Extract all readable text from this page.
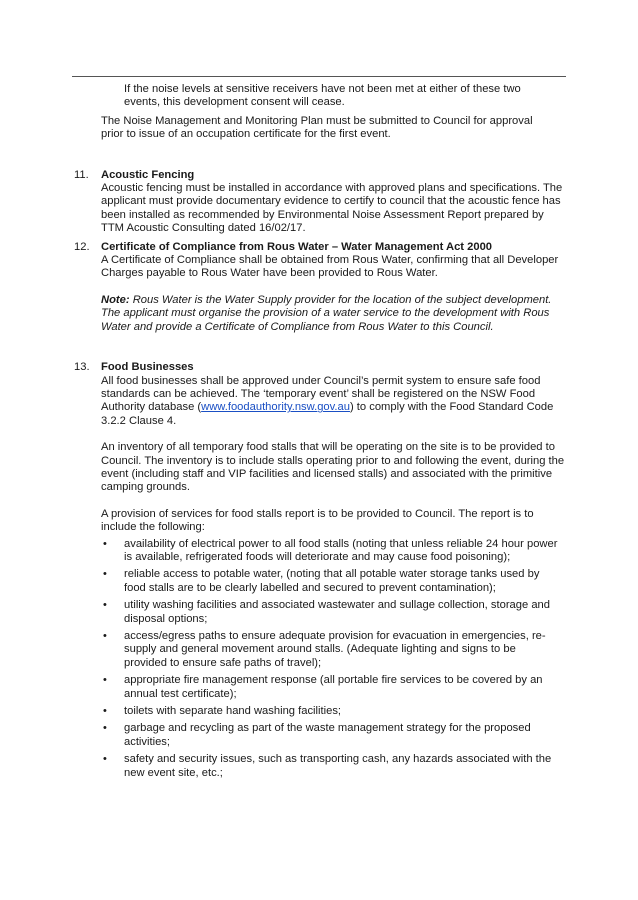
If the noise levels at sensitive receivers have not been met at either of these two events, this development consent will cease.

The Noise Management and Monitoring Plan must be submitted to Council for approval prior to issue of an occupation certificate for the first event.

11. Acoustic Fencing

Acoustic fencing must be installed in accordance with approved plans and specifications. The applicant must provide documentary evidence to certify to council that the acoustic fence has been installed as recommended by Environmental Noise Assessment Report prepared by TTM Acoustic Consulting dated 16/02/17.

12. Certificate of Compliance from Rous Water – Water Management Act 2000

A Certificate of Compliance shall be obtained from Rous Water, confirming that all Developer Charges payable to Rous Water have been provided to Rous Water.

Note: Rous Water is the Water Supply provider for the location of the subject development. The applicant must organise the provision of a water service to the development with Rous Water and provide a Certificate of Compliance from Rous Water to this Council.

13. Food Businesses

All food businesses shall be approved under Council’s permit system to ensure safe food standards can be achieved. The ‘temporary event’ shall be registered on the NSW Food Authority database (www.foodauthority.nsw.gov.au) to comply with the Food Standard Code 3.2.2 Clause 4.

An inventory of all temporary food stalls that will be operating on the site is to be provided to Council. The inventory is to include stalls operating prior to and following the event, during the event (including staff and VIP facilities and licensed stalls) and associated with the primitive camping grounds.

A provision of services for food stalls report is to be provided to Council. The report is to include the following:

• availability of electrical power to all food stalls (noting that unless reliable 24 hour power is available, refrigerated foods will deteriorate and may cause food poisoning);
• reliable access to potable water, (noting that all potable water storage tanks used by food stalls are to be clearly labelled and secured to prevent contamination);
• utility washing facilities and associated wastewater and sullage collection, storage and disposal options;
• access/egress paths to ensure adequate provision for evacuation in emergencies, re-supply and general movement around stalls. (Adequate lighting and signs to be provided to ensure safe paths of travel);
• appropriate fire management response (all portable fire services to be covered by an annual test certificate);
• toilets with separate hand washing facilities;
• garbage and recycling as part of the waste management strategy for the proposed activities;
• safety and security issues, such as transporting cash, any hazards associated with the new event site, etc.;
